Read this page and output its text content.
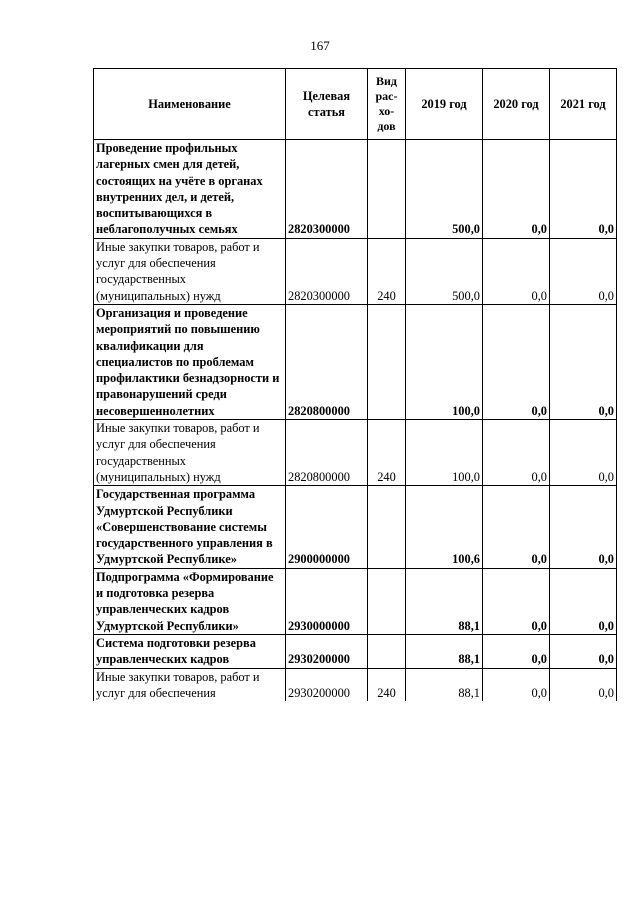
167
Наименование	Целевая статья	Вид рас-хо-дов	2019 год	2020 год	2021 год
Проведение профильных лагерных смен для детей, состоящих на учёте в органах внутренних дел, и детей, воспитывающихся в неблагополучных семьях	2820300000		500,0	0,0	0,0
Иные закупки товаров, работ и услуг для обеспечения государственных (муниципальных) нужд	2820300000	240	500,0	0,0	0,0
Организация и проведение мероприятий по повышению квалификации для специалистов по проблемам профилактики безнадзорности и правонарушений среди несовершеннолетних	2820800000		100,0	0,0	0,0
Иные закупки товаров, работ и услуг для обеспечения государственных (муниципальных) нужд	2820800000	240	100,0	0,0	0,0
Государственная программа Удмуртской Республики «Совершенствование системы государственного управления в Удмуртской Республике»	2900000000		100,6	0,0	0,0
Подпрограмма «Формирование и подготовка резерва управленческих кадров Удмуртской Республики»	2930000000		88,1	0,0	0,0
Система подготовки резерва управленческих кадров	2930200000		88,1	0,0	0,0
Иные закупки товаров, работ и услуг для обеспечения	2930200000	240	88,1	0,0	0,0
